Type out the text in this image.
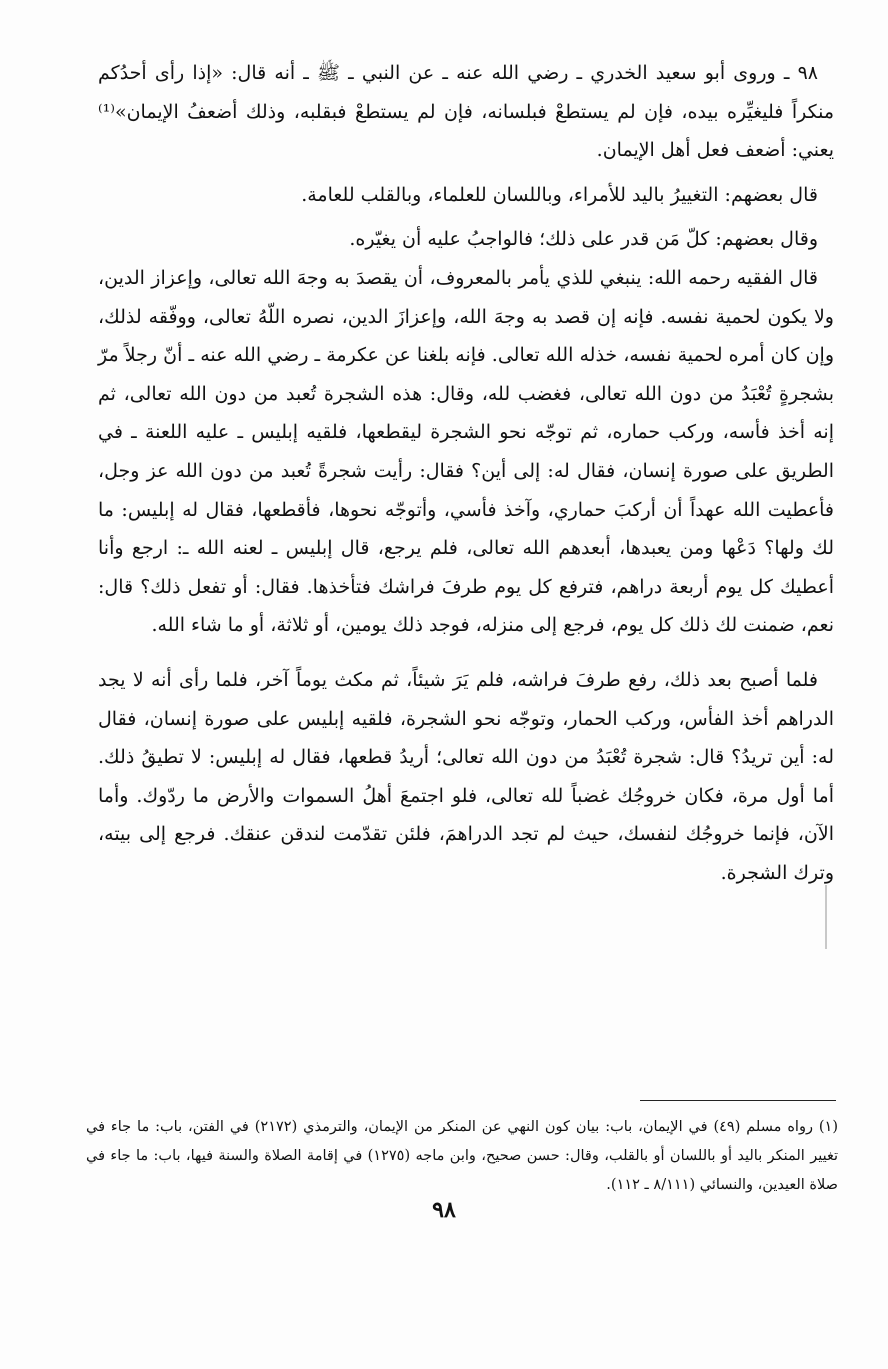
٩٨ ـ وروى أبو سعيد الخدري ـ رضي الله عنه ـ عن النبي ـ ﷺ ـ أنه قال: «إذا رأى أحدُكم منكراً فليغيِّره بيده، فإن لم يستطعْ فبلسانه، فإن لم يستطعْ فبقلبه، وذلك أضعفُ الإيمان»⁽¹⁾ يعني: أضعف فعل أهل الإيمان.

قال بعضهم: التغييرُ باليد للأمراء، وباللسان للعلماء، وبالقلب للعامة.

وقال بعضهم: كلّ مَن قدر على ذلك؛ فالواجبُ عليه أن يغيّره.

قال الفقيه رحمه الله: ينبغي للذي يأمر بالمعروف، أن يقصدَ به وجهَ الله تعالى، وإعزاز الدين، ولا يكون لحمية نفسه. فإنه إن قصد به وجهَ الله، وإعزازَ الدين، نصره اللّهُ تعالى، ووفّقه لذلك، وإن كان أمره لحمية نفسه، خذله الله تعالى. فإنه بلغنا عن عكرمة ـ رضي الله عنه ـ أنّ رجلاً مرّ بشجرةٍ تُعْبَدُ من دون الله تعالى، فغضب لله، وقال: هذه الشجرة تُعبد من دون الله تعالى، ثم إنه أخذ فأسه، وركب حماره، ثم توجّه نحو الشجرة ليقطعها، فلقيه إبليس ـ عليه اللعنة ـ في الطريق على صورة إنسان، فقال له: إلى أين؟ فقال: رأيت شجرةً تُعبد من دون الله عز وجل، فأعطيت الله عهداً أن أركبَ حماري، وآخذ فأسي، وأتوجّه نحوها، فأقطعها، فقال له إبليس: ما لك ولها؟ دَعْها ومن يعبدها، أبعدهم الله تعالى، فلم يرجع، قال إبليس ـ لعنه الله ـ: ارجع وأنا أعطيك كل يوم أربعة دراهم، فترفع كل يوم طرفَ فراشك فتأخذها. فقال: أو تفعل ذلك؟ قال: نعم، ضمنت لك ذلك كل يوم، فرجع إلى منزله، فوجد ذلك يومين، أو ثلاثة، أو ما شاء الله.

فلما أصبح بعد ذلك، رفع طرفَ فراشه، فلم يَرَ شيئاً، ثم مكث يوماً آخر، فلما رأى أنه لا يجد الدراهم أخذ الفأس، وركب الحمار، وتوجّه نحو الشجرة، فلقيه إبليس على صورة إنسان، فقال له: أين تريدُ؟ قال: شجرة تُعْبَدُ من دون الله تعالى؛ أريدُ قطعها، فقال له إبليس: لا تطيقُ ذلك. أما أول مرة، فكان خروجُك غضباً لله تعالى، فلو اجتمعَ أهلُ السموات والأرض ما ردّوك. وأما الآن، فإنما خروجُك لنفسك، حيث لم تجد الدراهمَ، فلئن تقدّمت لندقن عنقك. فرجع إلى بيته، وترك الشجرة.

(١) رواه مسلم (٤٩) في الإيمان، باب: بيان كون النهي عن المنكر من الإيمان، والترمذي (٢١٧٢) في الفتن، باب: ما جاء في تغيير المنكر باليد أو باللسان أو بالقلب، وقال: حسن صحيح، وابن ماجه (١٢٧٥) في إقامة الصلاة والسنة فيها، باب: ما جاء في صلاة العيدين، والنسائي (٨/١١١ ـ ١١٢).

٩٨
